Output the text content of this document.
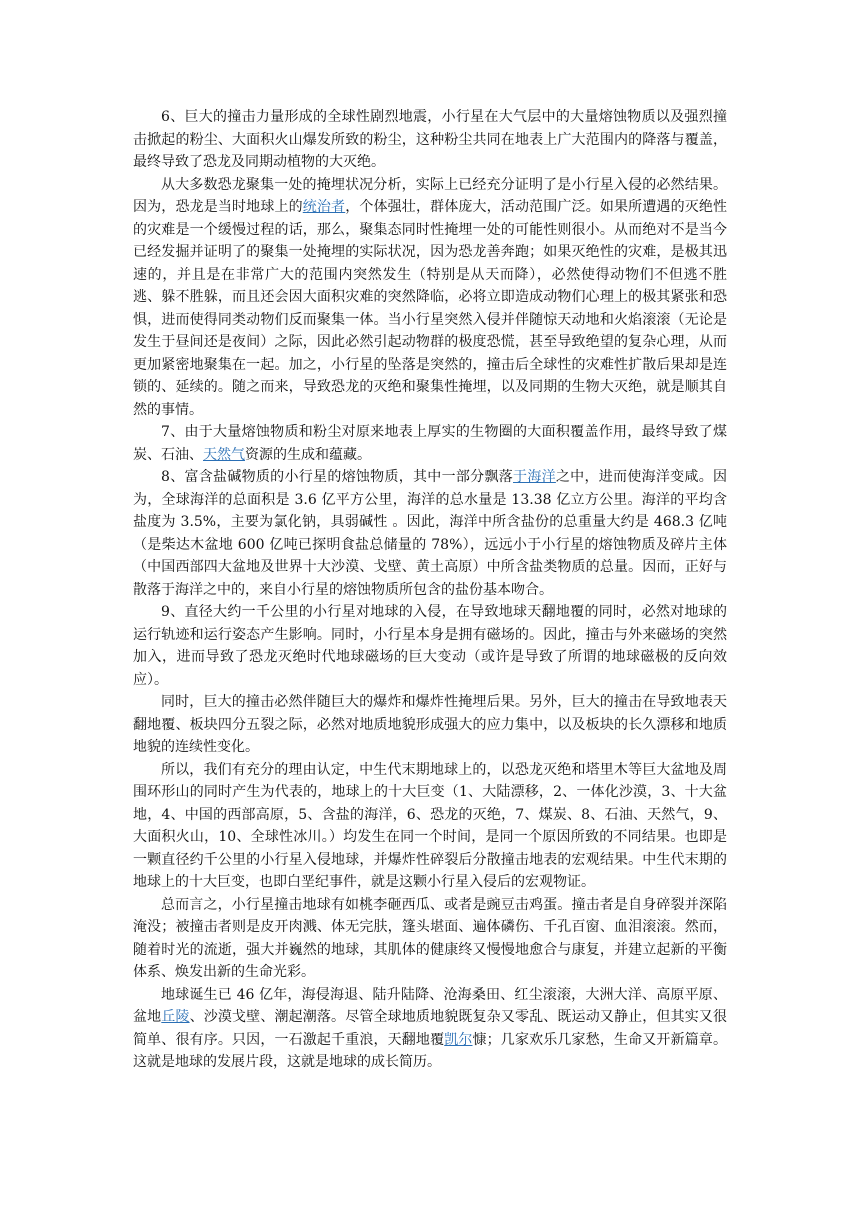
6、巨大的撞击力量形成的全球性剧烈地震，小行星在大气层中的大量熔蚀物质以及强烈撞击掀起的粉尘、大面积火山爆发所致的粉尘，这种粉尘共同在地表上广大范围内的降落与覆盖，最终导致了恐龙及同期动植物的大灭绝。

从大多数恐龙聚集一处的掩埋状况分析，实际上已经充分证明了是小行星入侵的必然结果。因为，恐龙是当时地球上的统治者，个体强壮，群体庞大，活动范围广泛。如果所遭遇的灭绝性的灾难是一个缓慢过程的话，那么，聚集态同时性掩埋一处的可能性则很小。从而绝对不是当今已经发掘并证明了的聚集一处掩埋的实际状况，因为恐龙善奔跑；如果灭绝性的灾难，是极其迅速的，并且是在非常广大的范围内突然发生（特别是从天而降），必然使得动物们不但逃不胜逃、躲不胜躲，而且还会因大面积灾难的突然降临，必将立即造成动物们心理上的极其紧张和恐惧，进而使得同类动物们反而聚集一体。当小行星突然入侵并伴随惊天动地和火焰滚滚（无论是发生于昼间还是夜间）之际，因此必然引起动物群的极度恐慌，甚至导致绝望的复杂心理，从而更加紧密地聚集在一起。加之，小行星的坠落是突然的，撞击后全球性的灾难性扩散后果却是连锁的、延续的。随之而来，导致恐龙的灭绝和聚集性掩埋，以及同期的生物大灭绝，就是顺其自然的事情。

7、由于大量熔蚀物质和粉尘对原来地表上厚实的生物圈的大面积覆盖作用，最终导致了煤炭、石油、天然气资源的生成和蕴藏。

8、富含盐碱物质的小行星的熔蚀物质，其中一部分飘落于海洋之中，进而使海洋变咸。因为，全球海洋的总面积是 3.6 亿平方公里，海洋的总水量是 13.38 亿立方公里。海洋的平均含盐度为 3.5%，主要为氯化钠，具弱碱性 。因此，海洋中所含盐份的总重量大约是 468.3 亿吨（是柴达木盆地 600 亿吨已探明食盐总储量的 78%），远远小于小行星的熔蚀物质及碎片主体（中国西部四大盆地及世界十大沙漠、戈壁、黄土高原）中所含盐类物质的总量。因而，正好与散落于海洋之中的，来自小行星的熔蚀物质所包含的盐份基本吻合。

9、直径大约一千公里的小行星对地球的入侵，在导致地球天翻地覆的同时，必然对地球的运行轨迹和运行姿态产生影响。同时，小行星本身是拥有磁场的。因此，撞击与外来磁场的突然加入，进而导致了恐龙灭绝时代地球磁场的巨大变动（或许是导致了所谓的地球磁极的反向效应）。

同时，巨大的撞击必然伴随巨大的爆炸和爆炸性掩埋后果。另外，巨大的撞击在导致地表天翻地覆、板块四分五裂之际，必然对地质地貌形成强大的应力集中，以及板块的长久漂移和地质地貌的连续性变化。

所以，我们有充分的理由认定，中生代末期地球上的，以恐龙灭绝和塔里木等巨大盆地及周围环形山的同时产生为代表的，地球上的十大巨变（1、大陆漂移，2、一体化沙漠，3、十大盆地，4、中国的西部高原，5、含盐的海洋，6、恐龙的灭绝，7、煤炭、8、石油、天然气，9、大面积火山，10、全球性冰川。）均发生在同一个时间，是同一个原因所致的不同结果。也即是一颗直径约千公里的小行星入侵地球，并爆炸性碎裂后分散撞击地表的宏观结果。中生代末期的地球上的十大巨变，也即白垩纪事件，就是这颗小行星入侵后的宏观物证。

总而言之，小行星撞击地球有如桃李砸西瓜、或者是豌豆击鸡蛋。撞击者是自身碎裂并深陷淹没；被撞击者则是皮开肉溅、体无完肤，篷头堪面、遍体磷伤、千孔百窗、血泪滚滚。然而，随着时光的流逝，强大并巍然的地球，其肌体的健康终又慢慢地愈合与康复，并建立起新的平衡体系、焕发出新的生命光彩。

地球诞生已 46 亿年，海侵海退、陆升陆降、沧海桑田、红尘滚滚，大洲大洋、高原平原、盆地丘陵、沙漠戈壁、潮起潮落。尽管全球地质地貌既复杂又零乱、既运动又静止，但其实又很简单、很有序。只因，一石激起千重浪，天翻地覆凯尔慷；几家欢乐几家愁，生命又开新篇章。这就是地球的发展片段，这就是地球的成长简历。
